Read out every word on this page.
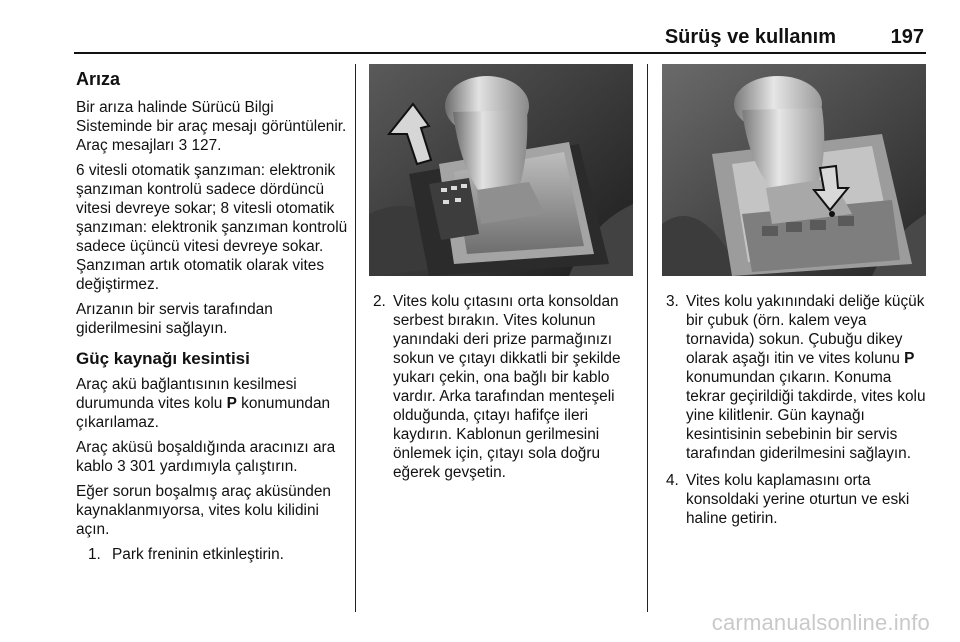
Sürüş ve kullanım	197
Arıza

Bir arıza halinde Sürücü Bilgi Sisteminde bir araç mesajı görüntülenir. Araç mesajları 3 127.

6 vitesli otomatik şanzıman: elektronik şanzıman kontrolü sadece dördüncü vitesi devreye sokar; 8 vitesli otomatik şanzıman: elektronik şanzıman kontrolü sadece üçüncü vitesi devreye sokar. Şanzıman artık otomatik olarak vites değiştirmez.

Arızanın bir servis tarafından giderilmesini sağlayın.

Güç kaynağı kesintisi

Araç akü bağlantısının kesilmesi durumunda vites kolu P konumundan çıkarılamaz.

Araç aküsü boşaldığında aracınızı ara kablo 3 301 yardımıyla çalıştırın.

Eğer sorun boşalmış araç aküsünden kaynaklanmıyorsa, vites kolu kilidini açın.

1. Park freninin etkinleştirin.
2. Vites kolu çıtasını orta konsoldan serbest bırakın. Vites kolunun yanındaki deri prize parmağınızı sokun ve çıtayı dikkatli bir şekilde yukarı çekin, ona bağlı bir kablo vardır. Arka tarafından menteşeli olduğunda, çıtayı hafifçe ileri kaydırın. Kablonun gerilmesini önlemek için, çıtayı sola doğru eğerek gevşetin.
3. Vites kolu yakınındaki deliğe küçük bir çubuk (örn. kalem veya tornavida) sokun. Çubuğu dikey olarak aşağı itin ve vites kolunu P konumundan çıkarın. Konuma tekrar geçirildiği takdirde, vites kolu yine kilitlenir. Gün kaynağı kesintisinin sebebinin bir servis tarafından giderilmesini sağlayın.
4. Vites kolu kaplamasını orta konsoldaki yerine oturtun ve eski haline getirin.
carmanualsonline.info
